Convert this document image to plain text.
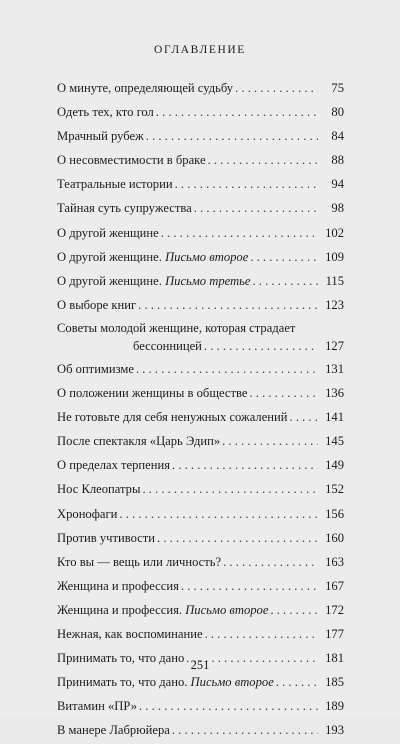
ОГЛАВЛЕНИЕ
О минуте, определяющей судьбу . . .	75
Одеть тех, кто гол . . .	80
Мрачный рубеж . . .	84
О несовместимости в браке . . .	88
Театральные истории . . .	94
Тайная суть супружества . . .	98
О другой женщине . . .	102
О другой женщине. Письмо второе . . .	109
О другой женщине. Письмо третье . . .	115
О выборе книг . . .	123
Советы молодой женщине, которая страдает
бессонницей . . .	127
Об оптимизме . . .	131
О положении женщины в обществе . . .	136
Не готовьте для себя ненужных сожалений . . .	141
После спектакля «Царь Эдип» . . .	145
О пределах терпения . . .	149
Нос Клеопатры . . .	152
Хронофаги . . .	156
Против учтивости . . .	160
Кто вы — вещь или личность? . . .	163
Женщина и профессия . . .	167
Женщина и профессия. Письмо второе . . .	172
Нежная, как воспоминание . . .	177
Принимать то, что дано . . .	181
Принимать то, что дано. Письмо второе . . .	185
Витамин «ПР» . . .	189
В манере Лабрюйера . . .	193
251
